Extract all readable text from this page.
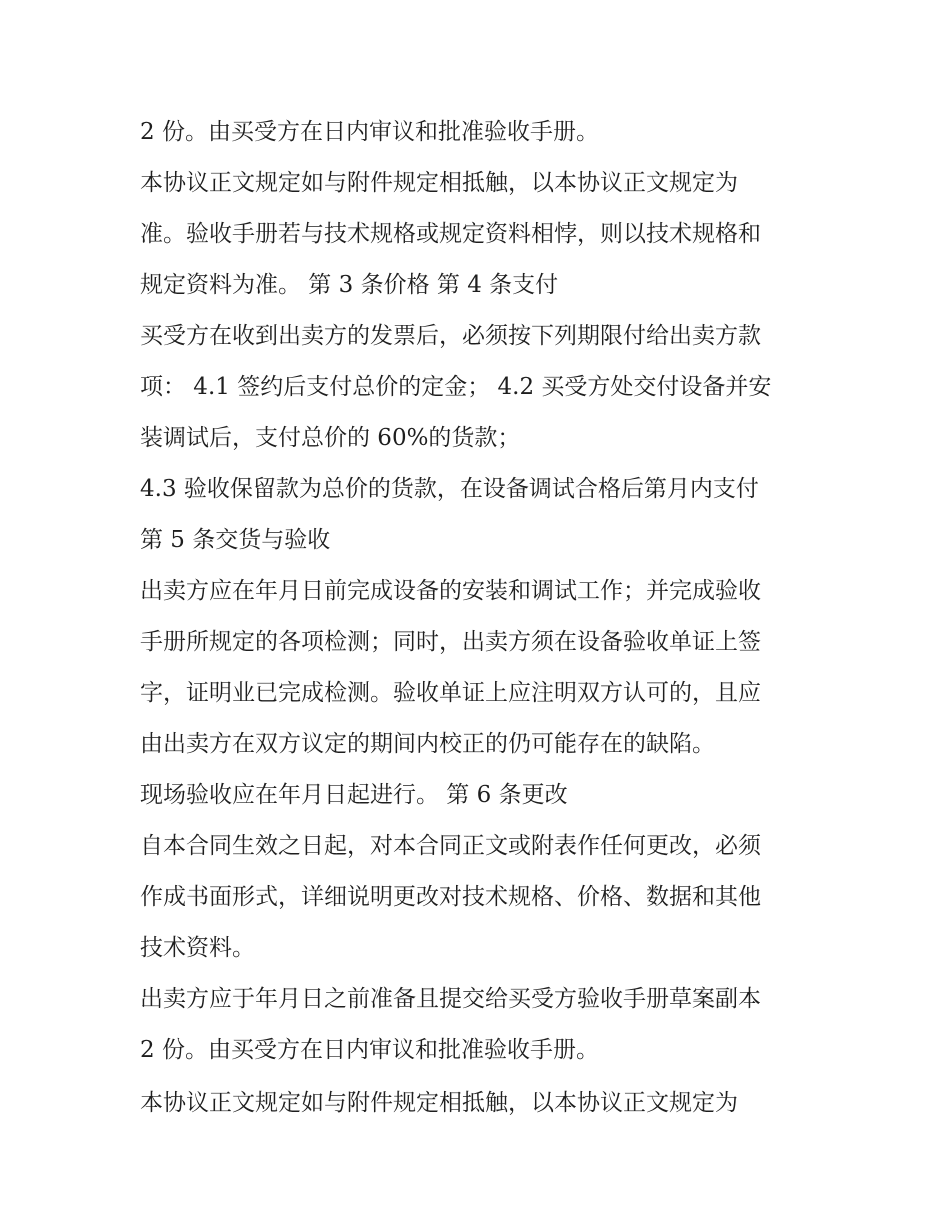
2 份。由买受方在日内审议和批准验收手册。
本协议正文规定如与附件规定相抵触，以本协议正文规定为
准。验收手册若与技术规格或规定资料相悖，则以技术规格和
规定资料为准。 第 3 条价格 第 4 条支付
买受方在收到出卖方的发票后，必须按下列期限付给出卖方款
项： 4.1 签约后支付总价的定金； 4.2 买受方处交付设备并安
装调试后，支付总价的 60%的货款；
4.3 验收保留款为总价的货款，在设备调试合格后第月内支付
第 5 条交货与验收
出卖方应在年月日前完成设备的安装和调试工作；并完成验收
手册所规定的各项检测；同时，出卖方须在设备验收单证上签
字，证明业已完成检测。验收单证上应注明双方认可的，且应
由出卖方在双方议定的期间内校正的仍可能存在的缺陷。
现场验收应在年月日起进行。 第 6 条更改
自本合同生效之日起，对本合同正文或附表作任何更改，必须
作成书面形式，详细说明更改对技术规格、价格、数据和其他
技术资料。
出卖方应于年月日之前准备且提交给买受方验收手册草案副本
2 份。由买受方在日内审议和批准验收手册。
本协议正文规定如与附件规定相抵触，以本协议正文规定为
